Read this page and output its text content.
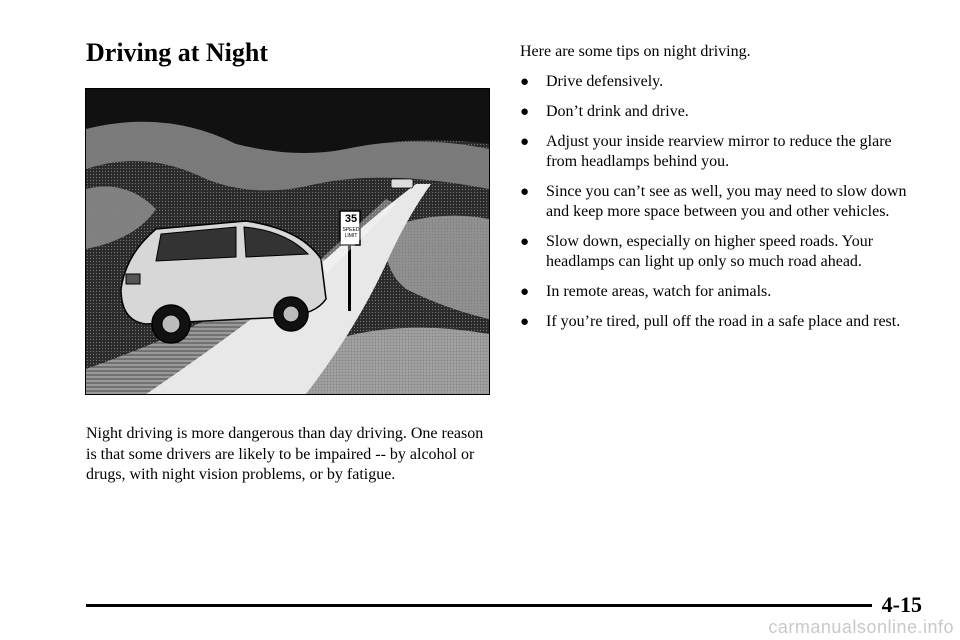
Driving at Night
35
SPEED LIMIT

Night driving is more dangerous than day driving. One reason is that some drivers are likely to be impaired -- by alcohol or drugs, with night vision problems, or by fatigue.

Here are some tips on night driving.

● Drive defensively.
● Don’t drink and drive.
● Adjust your inside rearview mirror to reduce the glare from headlamps behind you.
● Since you can’t see as well, you may need to slow down and keep more space between you and other vehicles.
● Slow down, especially on higher speed roads. Your headlamps can light up only so much road ahead.
● In remote areas, watch for animals.
● If you’re tired, pull off the road in a safe place and rest.
4-15
carmanualsonline.info
